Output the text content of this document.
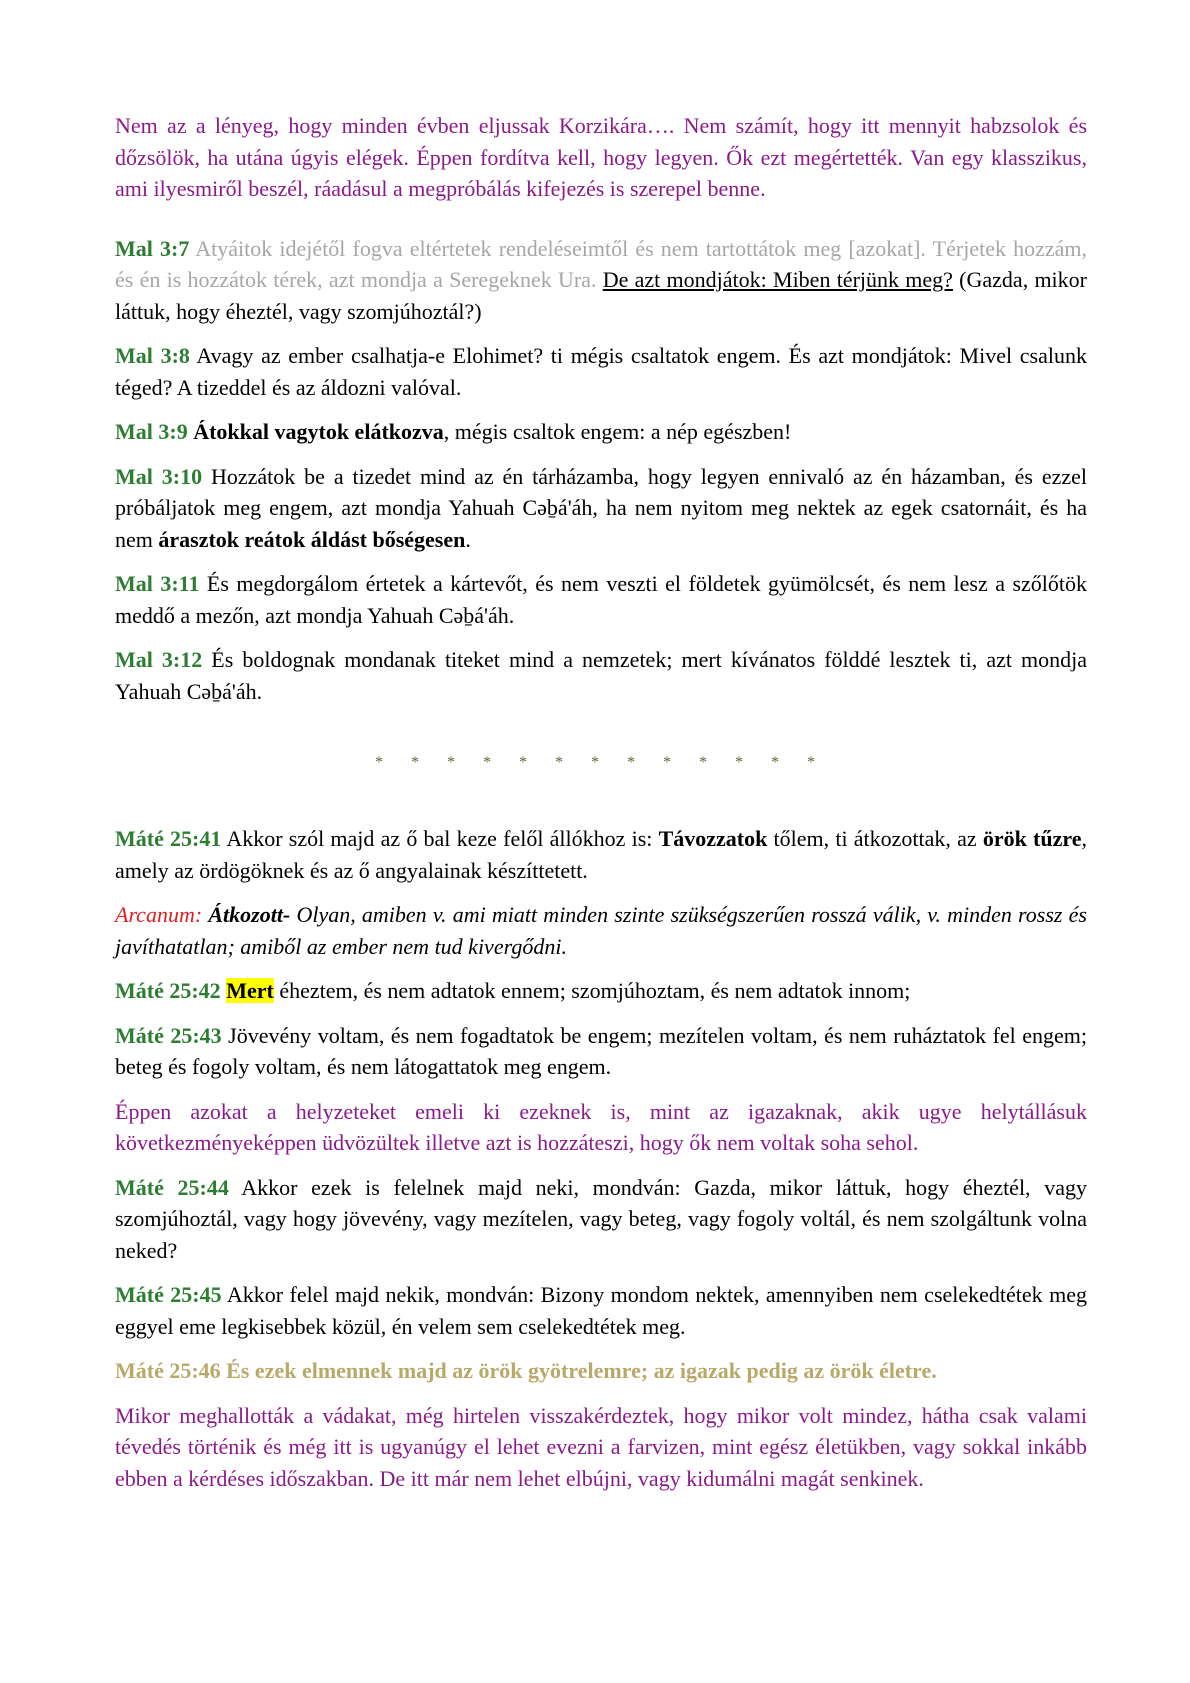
Nem az a lényeg, hogy minden évben eljussak Korzikára…. Nem számít, hogy itt mennyit habzsolok és dőzsölök, ha utána úgyis elégek. Éppen fordítva kell, hogy legyen. Ők ezt megértették. Van egy klasszikus, ami ilyesmiről beszél, ráadásul a megpróbálás kifejezés is szerepel benne.

Mal 3:7 Atyáitok idejétől fogva eltértetek rendeléseimtől és nem tartottátok meg [azokat]. Térjetek hozzám, és én is hozzátok térek, azt mondja a Seregeknek Ura. De azt mondjátok: Miben térjünk meg? (Gazda, mikor láttuk, hogy éheztél, vagy szomjúhoztál?)

Mal 3:8 Avagy az ember csalhatja-e Elohimet? ti mégis csaltatok engem. És azt mondjátok: Mivel csalunk téged? A tizeddel és az áldozni valóval.

Mal 3:9 Átokkal vagytok elátkozva, mégis csaltok engem: a nép egészben!

Mal 3:10 Hozzátok be a tizedet mind az én tárházamba, hogy legyen ennivaló az én házamban, és ezzel próbáljatok meg engem, azt mondja Yahuah Cəḇá'áh, ha nem nyitom meg nektek az egek csatornáit, és ha nem árasztok reátok áldást bőségesen.

Mal 3:11 És megdorgálom értetek a kártevőt, és nem veszti el földetek gyümölcsét, és nem lesz a szőlőtök meddő a mezőn, azt mondja Yahuah Cəḇá'áh.

Mal 3:12 És boldognak mondanak titeket mind a nemzetek; mert kívánatos földdé lesztek ti, azt mondja Yahuah Cəḇá'áh.

* * * * * * * * * * * * *

Máté 25:41 Akkor szól majd az ő bal keze felől állókhoz is: Távozzatok tőlem, ti átkozottak, az örök tűzre, amely az ördögöknek és az ő angyalainak készíttetett.

Arcanum: Átkozott- Olyan, amiben v. ami miatt minden szinte szükségszerűen rosszá válik, v. minden rossz és javíthatatlan; amiből az ember nem tud kivergődni.

Máté 25:42 Mert éheztem, és nem adtatok ennem; szomjúhoztam, és nem adtatok innom;

Máté 25:43 Jövevény voltam, és nem fogadtatok be engem; mezítelen voltam, és nem ruháztatok fel engem; beteg és fogoly voltam, és nem látogattatok meg engem.

Éppen azokat a helyzeteket emeli ki ezeknek is, mint az igazaknak, akik ugye helytállásuk következményeképpen üdvözültek illetve azt is hozzáteszi, hogy ők nem voltak soha sehol.

Máté 25:44 Akkor ezek is felelnek majd neki, mondván: Gazda, mikor láttuk, hogy éheztél, vagy szomjúhoztál, vagy hogy jövevény, vagy mezítelen, vagy beteg, vagy fogoly voltál, és nem szolgáltunk volna neked?

Máté 25:45 Akkor felel majd nekik, mondván: Bizony mondom nektek, amennyiben nem cselekedtétek meg eggyel eme legkisebbek közül, én velem sem cselekedtétek meg.

Máté 25:46 És ezek elmennek majd az örök gyötrelemre; az igazak pedig az örök életre.

Mikor meghallották a vádakat, még hirtelen visszakérdeztek, hogy mikor volt mindez, hátha csak valami tévedés történik és még itt is ugyanúgy el lehet evezni a farvizen, mint egész életükben, vagy sokkal inkább ebben a kérdéses időszakban. De itt már nem lehet elbújni, vagy kidumálni magát senkinek.
